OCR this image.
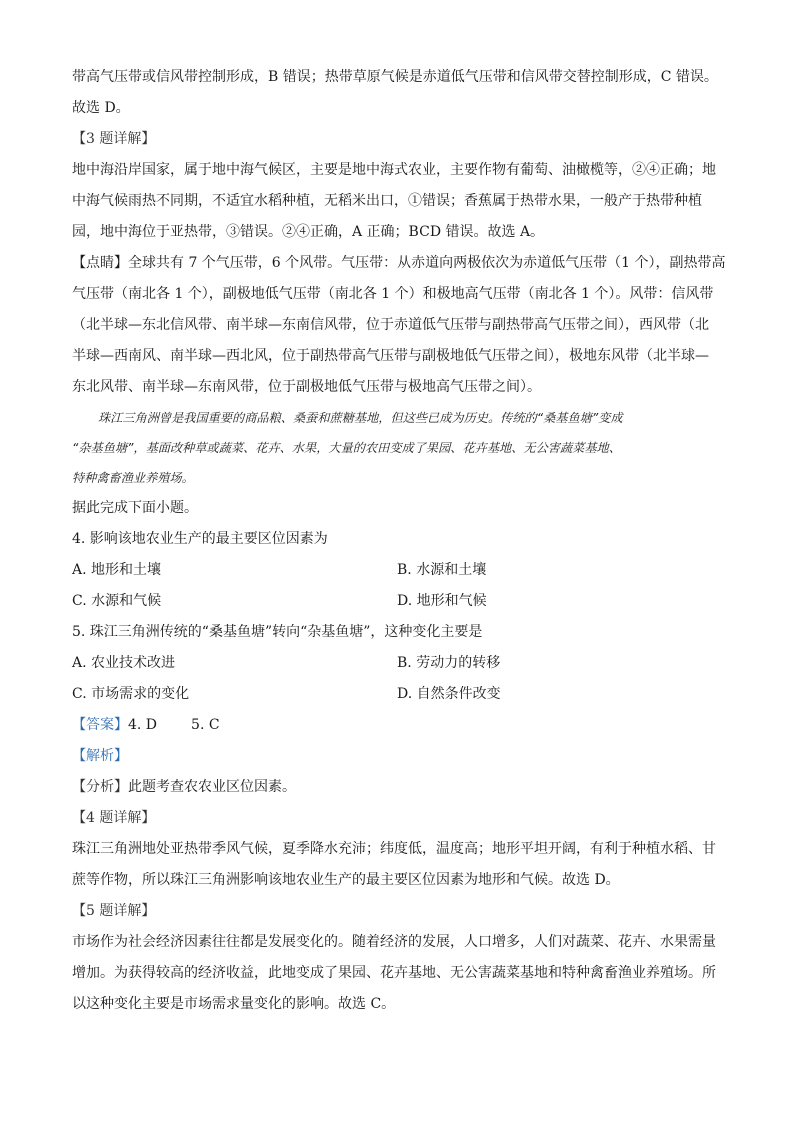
带高气压带或信风带控制形成，B 错误；热带草原气候是赤道低气压带和信风带交替控制形成，C 错误。
故选 D。
【3 题详解】
地中海沿岸国家，属于地中海气候区，主要是地中海式农业，主要作物有葡萄、油橄榄等，②④正确；地
中海气候雨热不同期，不适宜水稻种植，无稻米出口，①错误；香蕉属于热带水果，一般产于热带种植
园，地中海位于亚热带，③错误。②④正确，A 正确；BCD 错误。故选 A。
【点睛】全球共有 7 个气压带，6 个风带。气压带：从赤道向两极依次为赤道低气压带（1 个），副热带高
气压带（南北各 1 个），副极地低气压带（南北各 1 个）和极地高气压带（南北各 1 个）。风带：信风带
（北半球—东北信风带、南半球—东南信风带，位于赤道低气压带与副热带高气压带之间），西风带（北
半球—西南风、南半球—西北风，位于副热带高气压带与副极地低气压带之间），极地东风带（北半球—
东北风带、南半球—东南风带，位于副极地低气压带与极地高气压带之间）。
珠江三角洲曾是我国重要的商品粮、桑蚕和蔗糖基地，但这些已成为历史。传统的“桑基鱼塘”变成
“杂基鱼塘”，基面改种草或蔬菜、花卉、水果，大量的农田变成了果园、花卉基地、无公害蔬菜基地、
特种禽畜渔业养殖场。
据此完成下面小题。
4. 影响该地农业生产的最主要区位因素为
A. 地形和土壤	B. 水源和土壤
C. 水源和气候	D. 地形和气候
5. 珠江三角洲传统的“桑基鱼塘”转向“杂基鱼塘”，这种变化主要是
A. 农业技术改进	B. 劳动力的转移
C. 市场需求的变化	D. 自然条件改变
【答案】4. D 5. C
【解析】
【分析】此题考查农农业区位因素。
【4 题详解】
珠江三角洲地处亚热带季风气候，夏季降水充沛；纬度低，温度高；地形平坦开阔，有利于种植水稻、甘
蔗等作物，所以珠江三角洲影响该地农业生产的最主要区位因素为地形和气候。故选 D。
【5 题详解】
市场作为社会经济因素往往都是发展变化的。随着经济的发展，人口增多，人们对蔬菜、花卉、水果需量
增加。为获得较高的经济收益，此地变成了果园、花卉基地、无公害蔬菜基地和特种禽畜渔业养殖场。所
以这种变化主要是市场需求量变化的影响。故选 C。
